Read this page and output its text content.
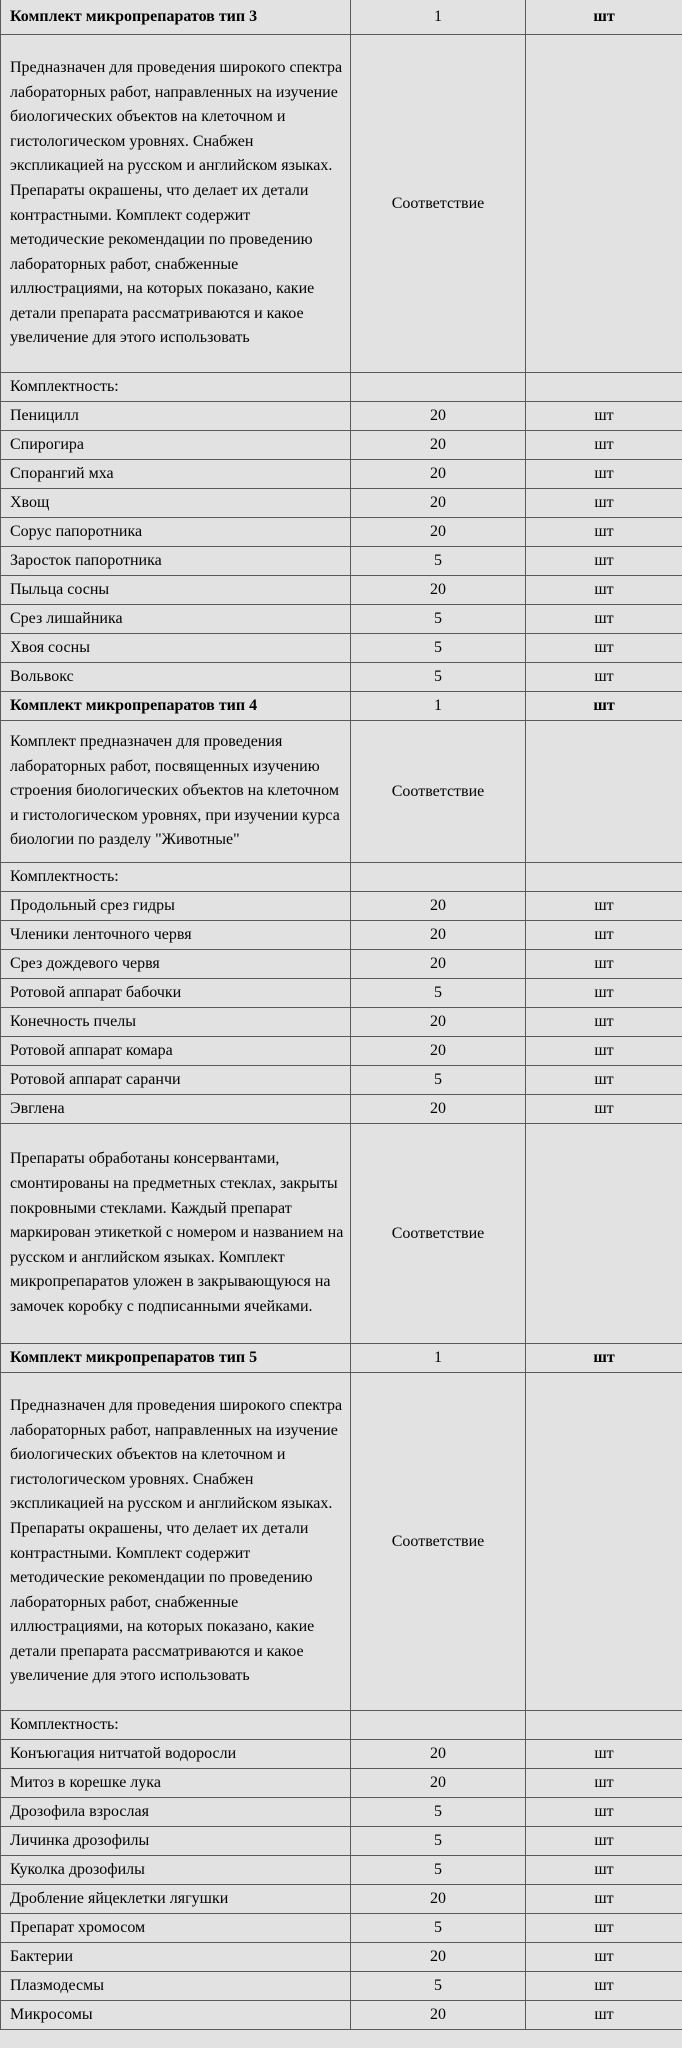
Комплект микропрепаратов тип 3	1	шт
Предназначен для проведения широкого спектра лабораторных работ, направленных на изучение биологических объектов на клеточном и гистологическом уровнях. Снабжен экспликацией на русском и английском языках. Препараты окрашены, что делает их детали контрастными. Комплект содержит методические рекомендации по проведению лабораторных работ, снабженные иллюстрациями, на которых показано, какие детали препарата рассматриваются и какое увеличение для этого использовать	Соответствие	
Комплектность:		
Пеницилл	20	шт
Спирогира	20	шт
Спорангий мха	20	шт
Хвощ	20	шт
Сорус папоротника	20	шт
Заросток папоротника	5	шт
Пыльца сосны	20	шт
Срез лишайника	5	шт
Хвоя сосны	5	шт
Вольвокс	5	шт
Комплект микропрепаратов тип 4	1	шт
Комплект предназначен для проведения лабораторных работ, посвященных изучению строения биологических объектов на клеточном и гистологическом уровнях, при изучении курса биологии по разделу "Животные"	Соответствие	
Комплектность:		
Продольный срез гидры	20	шт
Членики ленточного червя	20	шт
Срез дождевого червя	20	шт
Ротовой аппарат бабочки	5	шт
Конечность пчелы	20	шт
Ротовой аппарат комара	20	шт
Ротовой аппарат саранчи	5	шт
Эвглена	20	шт
Препараты обработаны консервантами, смонтированы на предметных стеклах, закрыты покровными стеклами. Каждый препарат маркирован этикеткой с номером и названием на русском и английском языках. Комплект микропрепаратов уложен в закрывающуюся на замочек коробку с подписанными ячейками.	Соответствие	
Комплект микропрепаратов тип 5	1	шт
Предназначен для проведения широкого спектра лабораторных работ, направленных на изучение биологических объектов на клеточном и гистологическом уровнях. Снабжен экспликацией на русском и английском языках. Препараты окрашены, что делает их детали контрастными. Комплект содержит методические рекомендации по проведению лабораторных работ, снабженные иллюстрациями, на которых показано, какие детали препарата рассматриваются и какое увеличение для этого использовать	Соответствие	
Комплектность:		
Конъюгация нитчатой водоросли	20	шт
Митоз в корешке лука	20	шт
Дрозофила взрослая	5	шт
Личинка дрозофилы	5	шт
Куколка дрозофилы	5	шт
Дробление яйцеклетки лягушки	20	шт
Препарат хромосом	5	шт
Бактерии	20	шт
Плазмодесмы	5	шт
Микросомы	20	шт
